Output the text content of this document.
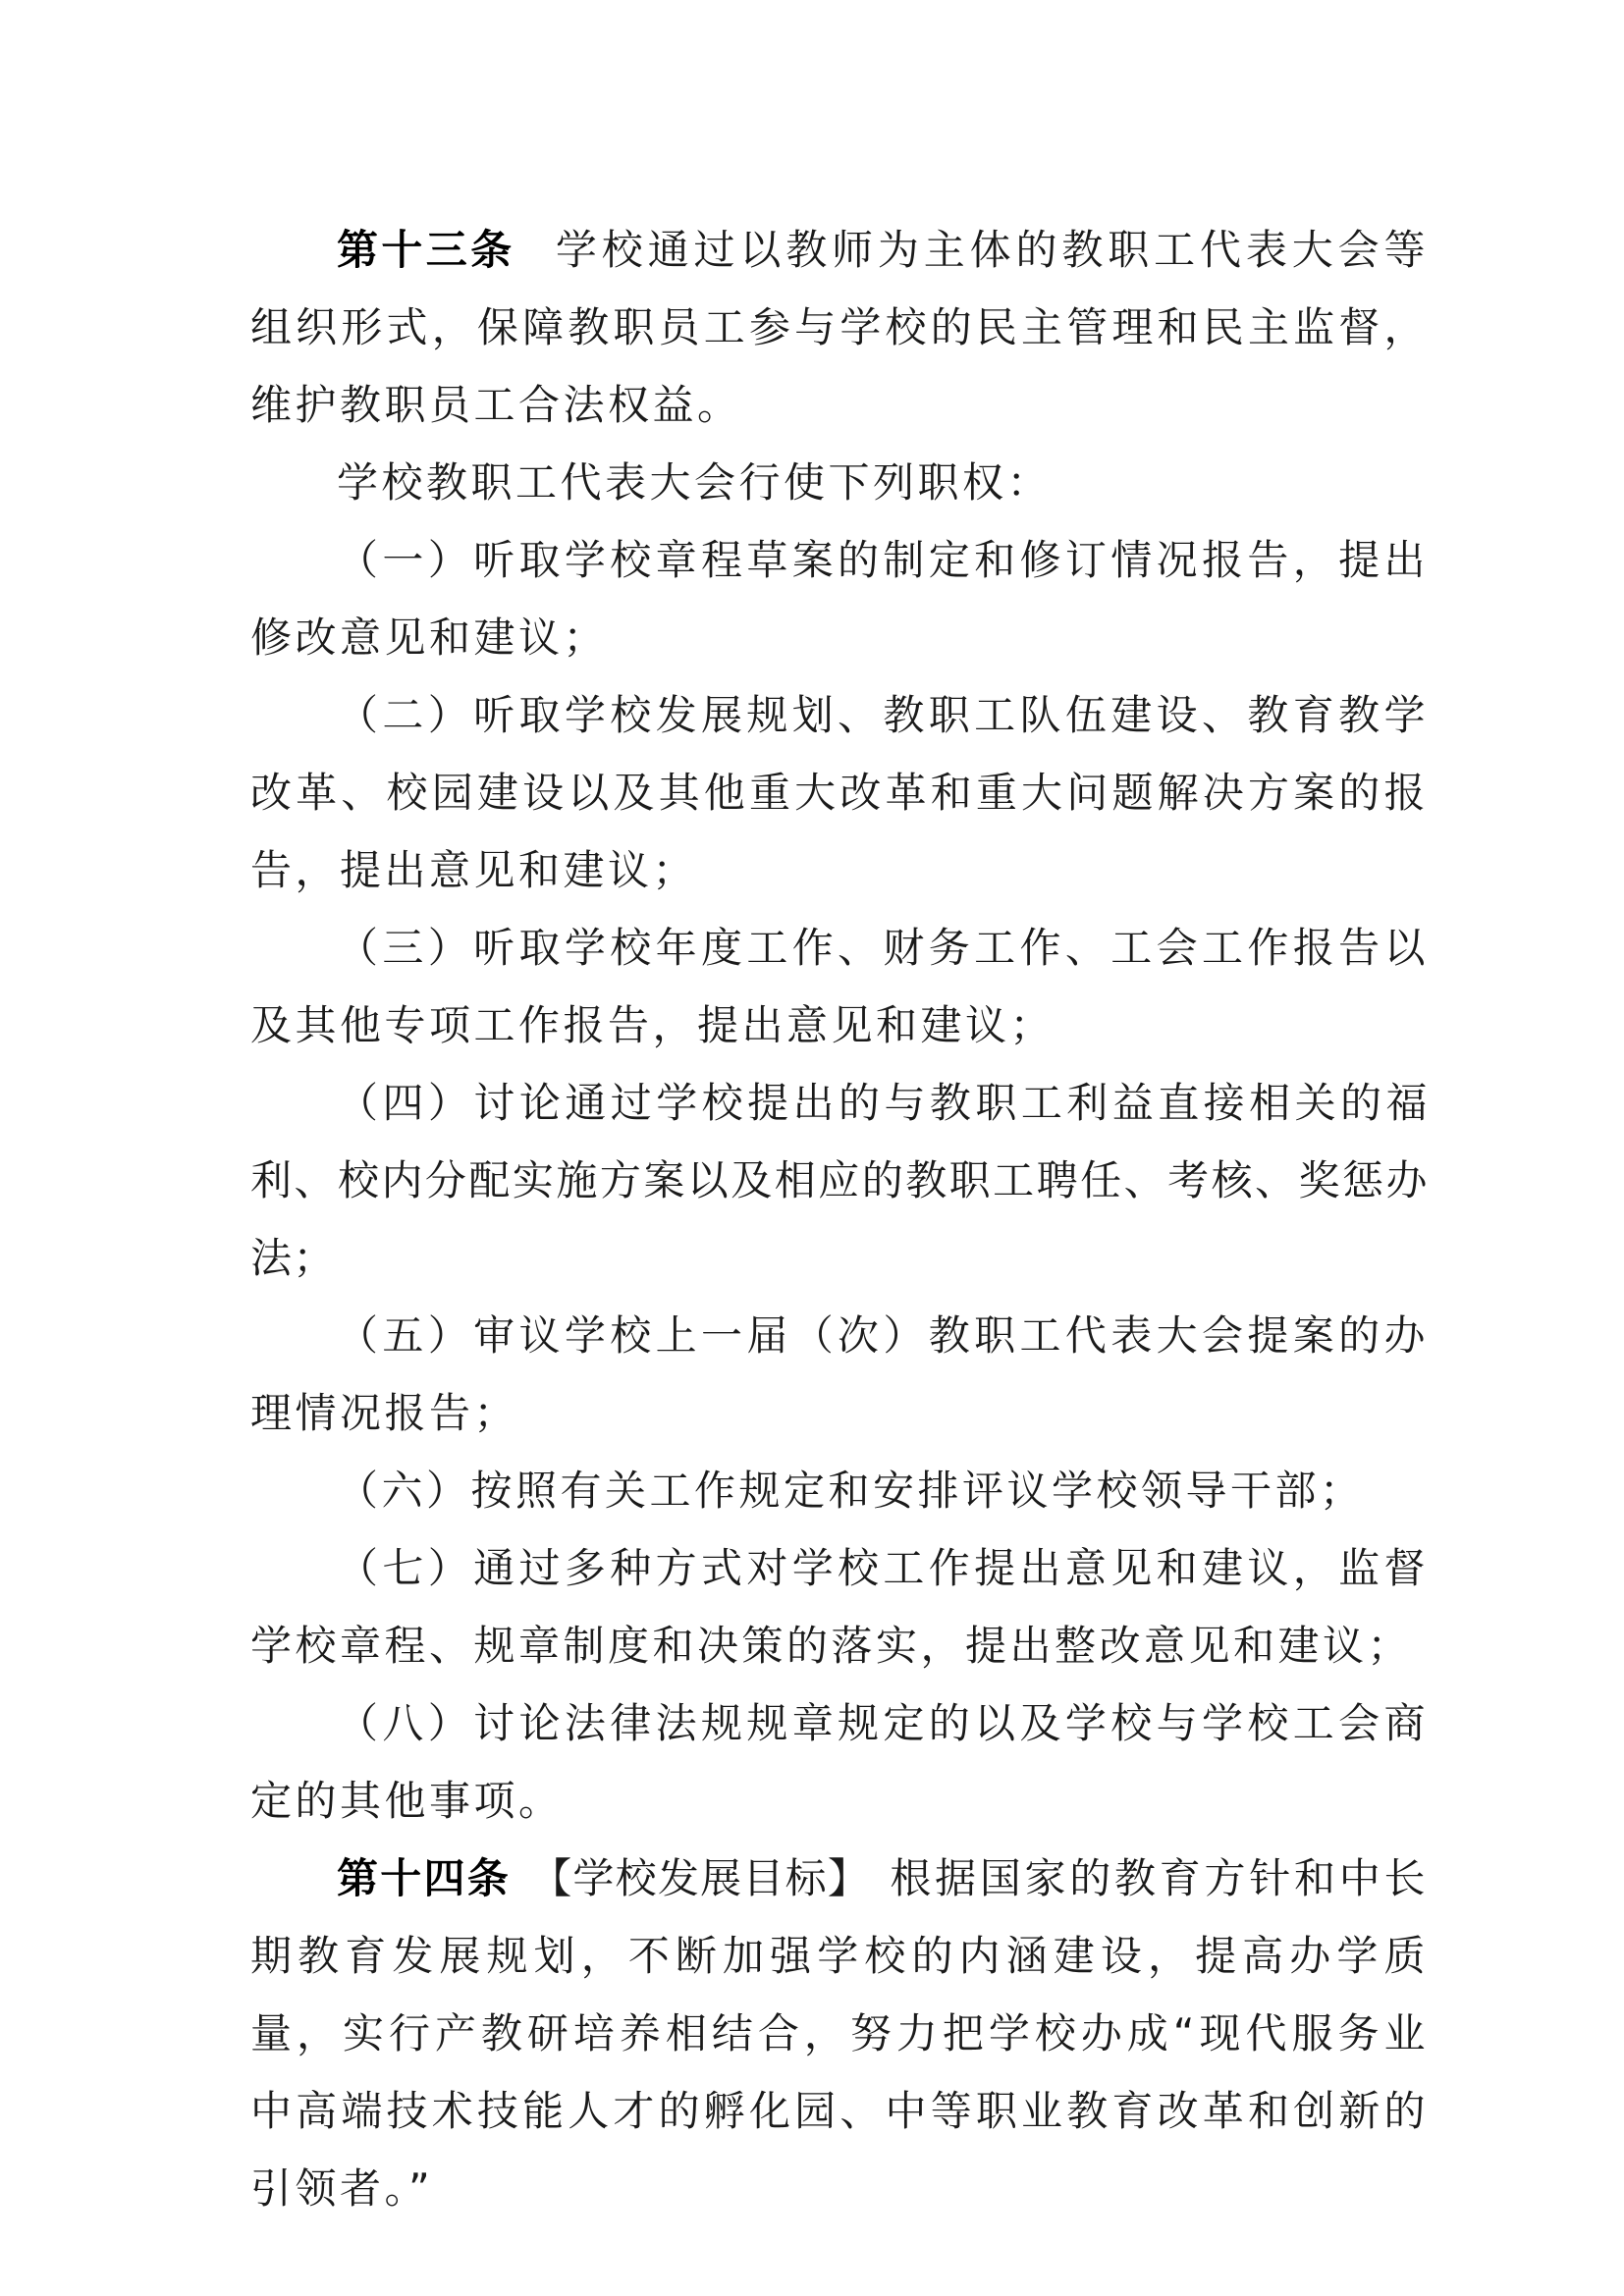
第十三条 学校通过以教师为主体的教职工代表大会等组织形式，保障教职员工参与学校的民主管理和民主监督，维护教职员工合法权益。

学校教职工代表大会行使下列职权：

（一）听取学校章程草案的制定和修订情况报告，提出修改意见和建议；

（二）听取学校发展规划、教职工队伍建设、教育教学改革、校园建设以及其他重大改革和重大问题解决方案的报告，提出意见和建议；

（三）听取学校年度工作、财务工作、工会工作报告以及其他专项工作报告，提出意见和建议；

（四）讨论通过学校提出的与教职工利益直接相关的福利、校内分配实施方案以及相应的教职工聘任、考核、奖惩办法；

（五）审议学校上一届（次）教职工代表大会提案的办理情况报告；

（六）按照有关工作规定和安排评议学校领导干部；

（七）通过多种方式对学校工作提出意见和建议，监督学校章程、规章制度和决策的落实，提出整改意见和建议；

（八）讨论法律法规规章规定的以及学校与学校工会商定的其他事项。

第十四条 【学校发展目标】 根据国家的教育方针和中长期教育发展规划，不断加强学校的内涵建设，提高办学质量，实行产教研培养相结合，努力把学校办成“现代服务业中高端技术技能人才的孵化园、中等职业教育改革和创新的引领者。”
